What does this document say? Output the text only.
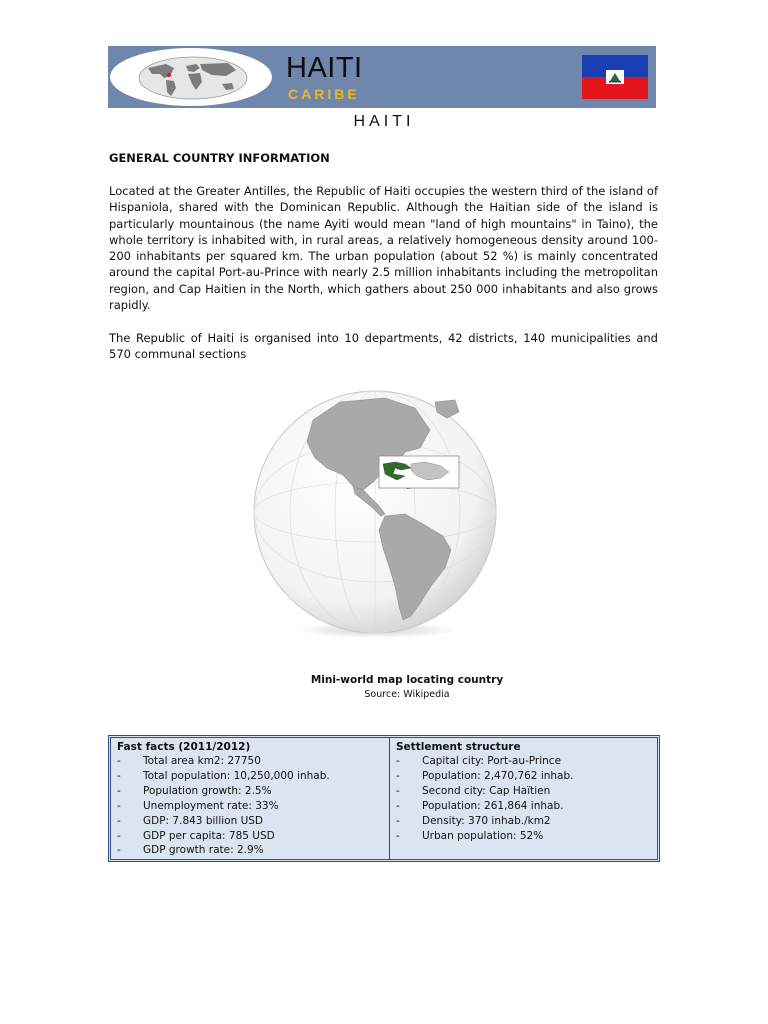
HAITI
CARIBE
HAITI
GENERAL COUNTRY INFORMATION

Located at the Greater Antilles, the Republic of Haiti occupies the western third of the island of Hispaniola, shared with the Dominican Republic. Although the Haitian side of the island is particularly mountainous (the name Ayiti would mean "land of high mountains" in Taino), the whole territory is inhabited with, in rural areas, a relatively homogeneous density around 100-200 inhabitants per squared km. The urban population (about 52 %) is mainly concentrated around the capital Port-au-Prince with nearly 2.5 million inhabitants including the metropolitan region, and Cap Haitien in the North, which gathers about 250 000 inhabitants and also grows rapidly.

The Republic of Haiti is organised into 10 departments, 42 districts, 140 municipalities and 570 communal sections

Mini-world map locating country
Source: Wikipedia
Fast facts (2011/2012)
- Total area km2: 27750
- Total population: 10,250,000 inhab.
- Population growth: 2.5%
- Unemployment rate: 33%
- GDP: 7.843 billion USD
- GDP per capita: 785 USD
- GDP growth rate: 2.9%
Settlement structure
- Capital city: Port-au-Prince
- Population: 2,470,762 inhab.
- Second city: Cap Haïtien
- Population: 261,864 inhab.
- Density: 370 inhab./km2
- Urban population: 52%
